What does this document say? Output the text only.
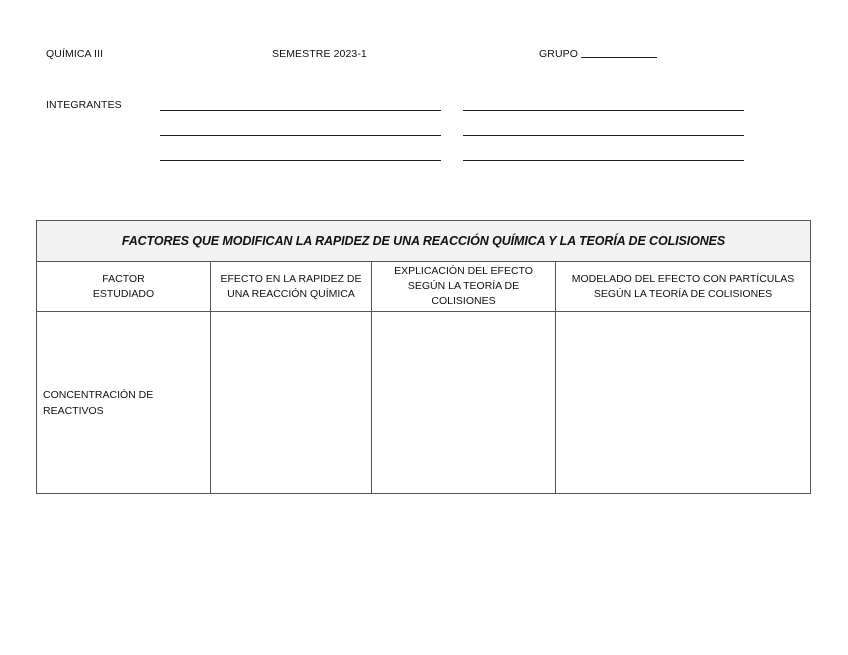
QUÍMICA III	SEMESTRE 2023-1	GRUPO
INTEGRANTES
FACTORES QUE MODIFICAN LA RAPIDEZ DE UNA REACCIÓN QUÍMICA Y LA TEORÍA DE COLISIONES
FACTOR
ESTUDIADO
EFECTO EN LA RAPIDEZ DE
UNA REACCIÓN QUÍMICA
EXPLICACIÓN DEL EFECTO
SEGÚN LA TEORÍA DE
COLISIONES
MODELADO DEL EFECTO CON PARTÍCULAS
SEGÚN LA TEORÍA DE COLISIONES
CONCENTRACIÓN DE
REACTIVOS
